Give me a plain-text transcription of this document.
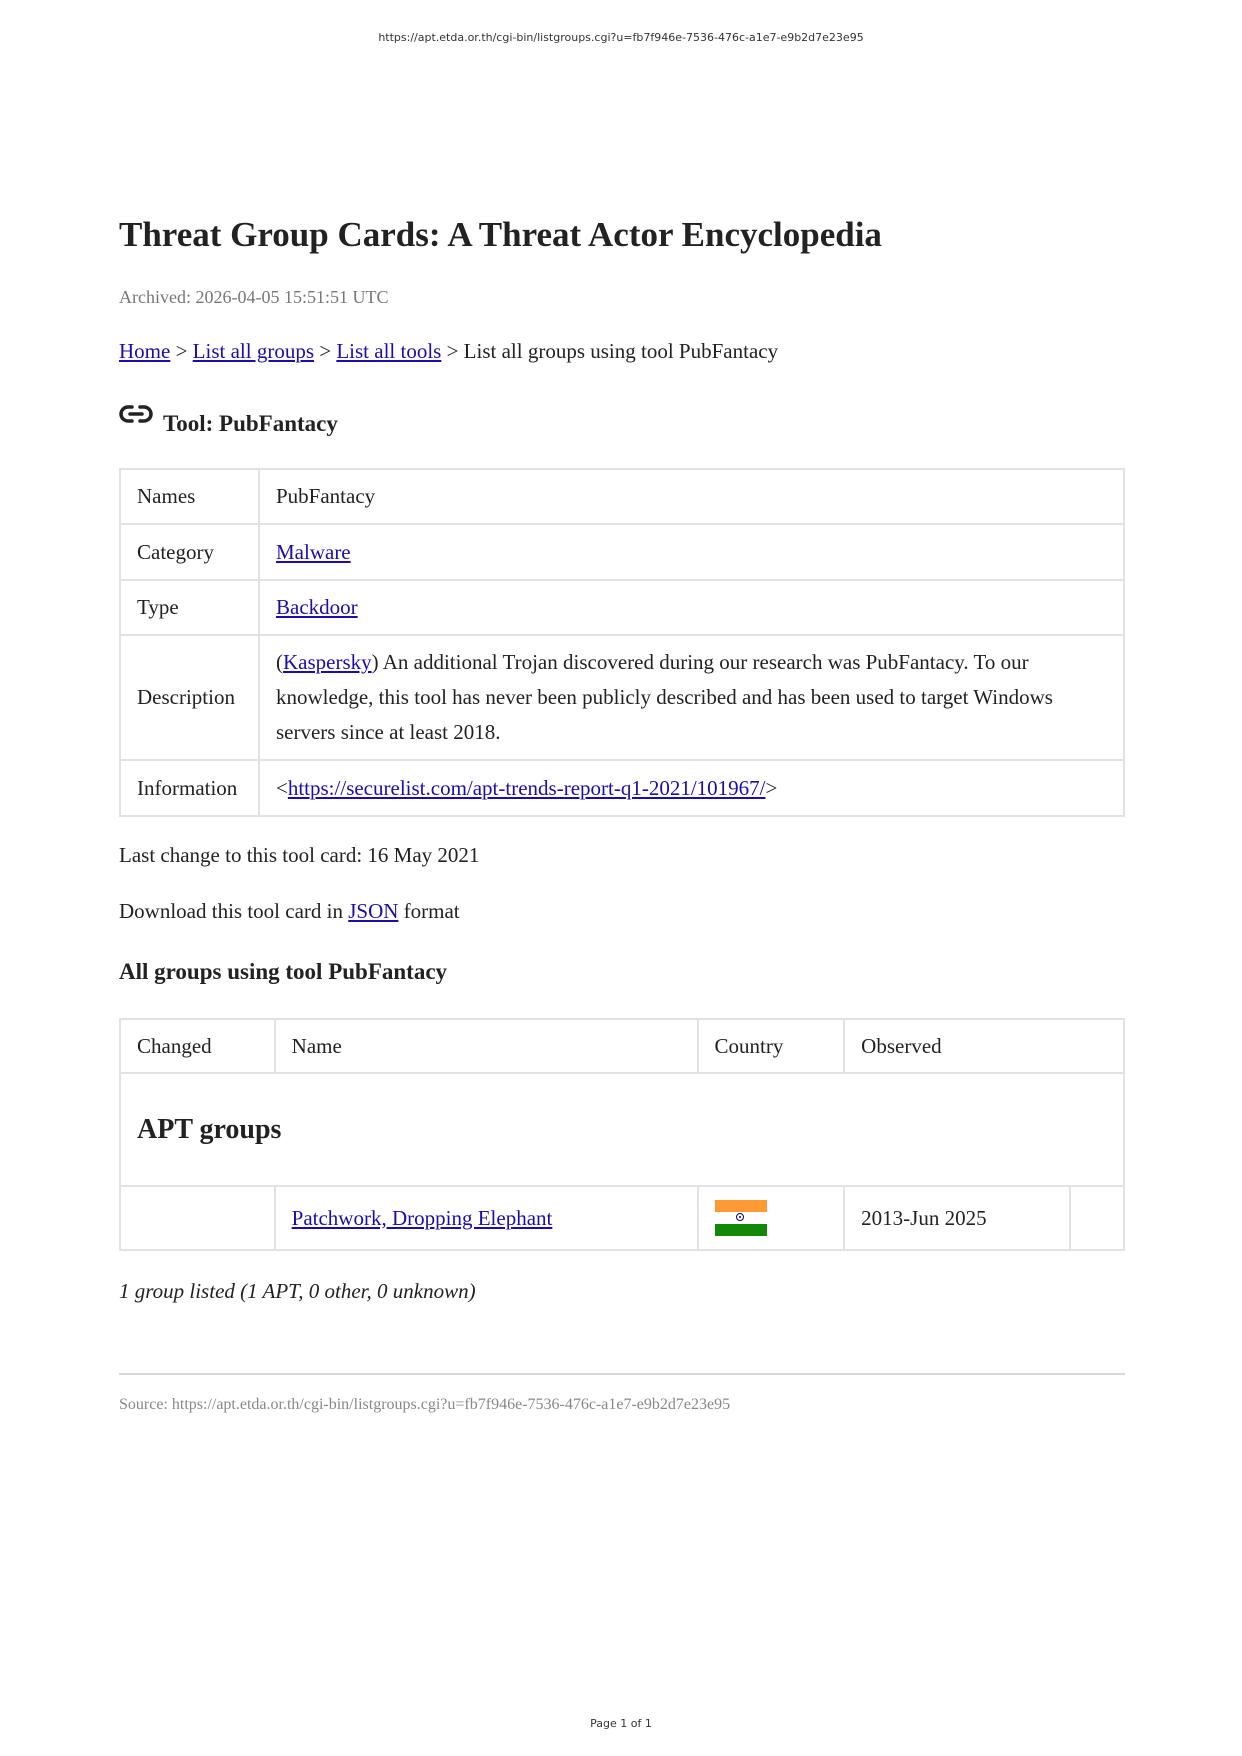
https://apt.etda.or.th/cgi-bin/listgroups.cgi?u=fb7f946e-7536-476c-a1e7-e9b2d7e23e95
Threat Group Cards: A Threat Actor Encyclopedia
Archived: 2026-04-05 15:51:51 UTC
Home > List all groups > List all tools > List all groups using tool PubFantacy
Tool: PubFantacy
Names	PubFantacy
Category	Malware
Type	Backdoor
Description	(Kaspersky) An additional Trojan discovered during our research was PubFantacy. To our knowledge, this tool has never been publicly described and has been used to target Windows servers since at least 2018.
Information	<https://securelist.com/apt-trends-report-q1-2021/101967/>
Last change to this tool card: 16 May 2021
Download this tool card in JSON format
All groups using tool PubFantacy
Changed	Name	Country	Observed	
APT groups				
	Patchwork, Dropping Elephant		2013-Jun 2025	
1 group listed (1 APT, 0 other, 0 unknown)
Source: https://apt.etda.or.th/cgi-bin/listgroups.cgi?u=fb7f946e-7536-476c-a1e7-e9b2d7e23e95
Page 1 of 1
